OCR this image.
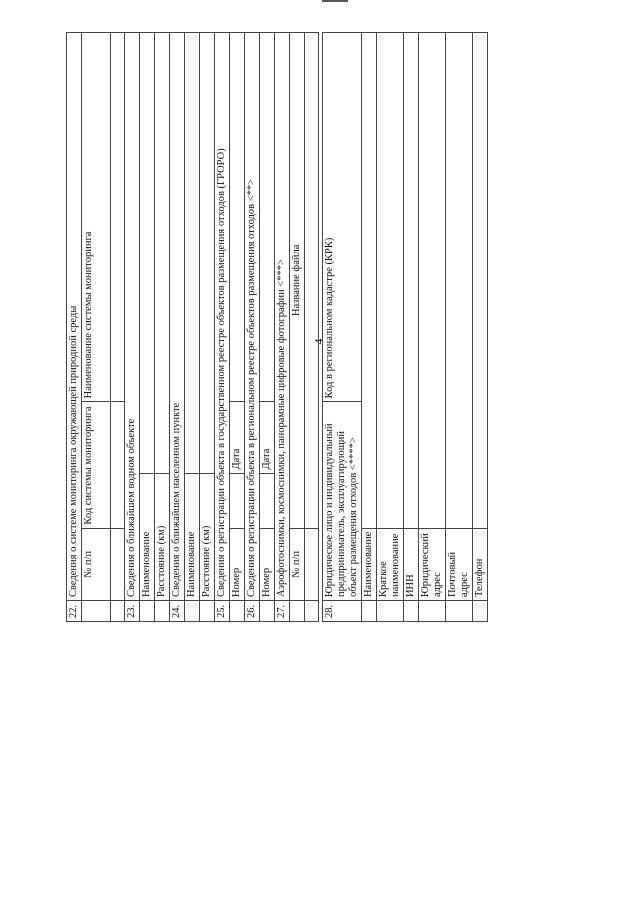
4
22.	Сведения о системе мониторинга окружающей природной среды			
	№ п/п	Код системы мониторинга		Наименование системы мониторинга

23.	Сведения о ближайшем водном объекте			
	Наименование			
	Расстояние (км)			
24.	Сведения о ближайшем населенном пункте			
	Наименование			
	Расстояние (км)			
25.	Сведения о регистрации объекта в государственном реестре объектов размещения отходов (ГРОРО)			
	Номер		Дата	
26.	Сведения о регистрации объекта в региональном реестре объектов размещения отходов <**>			
	Номер		Дата	
27.	Аэрофотоснимки, космоснимки, панорамные цифровые фотографии <***>			
	№ п/п	Название файла		

28.	Юридическое лицо и индивидуальный предприниматель, эксплуатирующий объект размещения отходов <****>			Код в региональном кадастре (КРК)
	Наименование			
	Краткое наименование			
	ИНН			
	Юридический адрес			
	Почтовый адрес			
	Телефон			
